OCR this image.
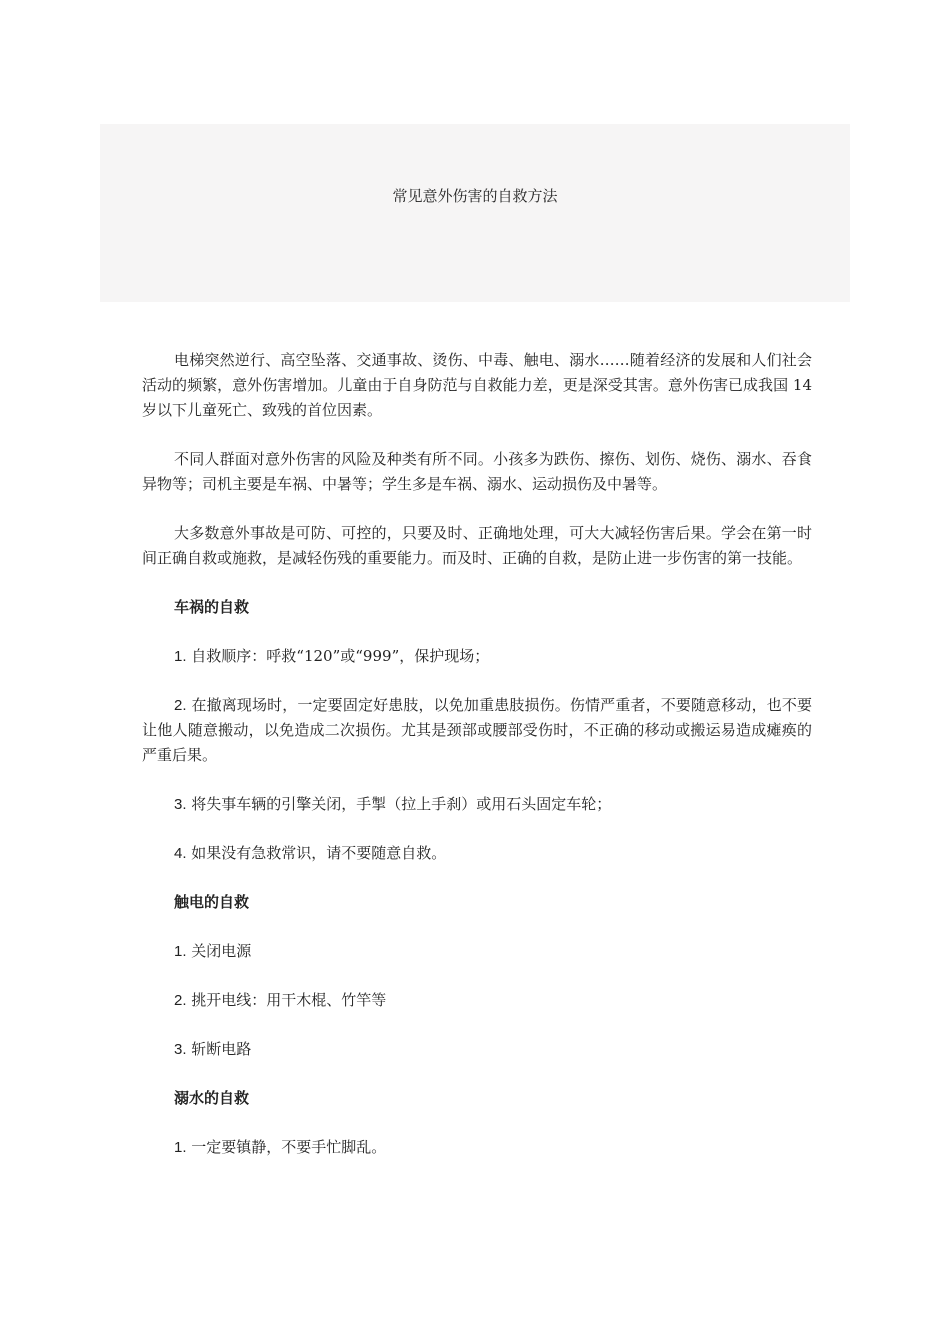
常见意外伤害的自救方法

电梯突然逆行、高空坠落、交通事故、烫伤、中毒、触电、溺水……随着经济的发展和人们社会活动的频繁，意外伤害增加。儿童由于自身防范与自救能力差，更是深受其害。意外伤害已成我国 14 岁以下儿童死亡、致残的首位因素。

不同人群面对意外伤害的风险及种类有所不同。小孩多为跌伤、擦伤、划伤、烧伤、溺水、吞食异物等；司机主要是车祸、中暑等；学生多是车祸、溺水、运动损伤及中暑等。

大多数意外事故是可防、可控的，只要及时、正确地处理，可大大减轻伤害后果。学会在第一时间正确自救或施救，是减轻伤残的重要能力。而及时、正确的自救，是防止进一步伤害的第一技能。

车祸的自救

1. 自救顺序：呼救“120”或“999”，保护现场；

2. 在撤离现场时，一定要固定好患肢，以免加重患肢损伤。伤情严重者，不要随意移动，也不要让他人随意搬动，以免造成二次损伤。尤其是颈部或腰部受伤时，不正确的移动或搬运易造成瘫痪的严重后果。

3. 将失事车辆的引擎关闭，手掣（拉上手刹）或用石头固定车轮；

4. 如果没有急救常识，请不要随意自救。

触电的自救

1. 关闭电源

2. 挑开电线：用干木棍、竹竿等

3. 斩断电路

溺水的自救

1. 一定要镇静，不要手忙脚乱。
